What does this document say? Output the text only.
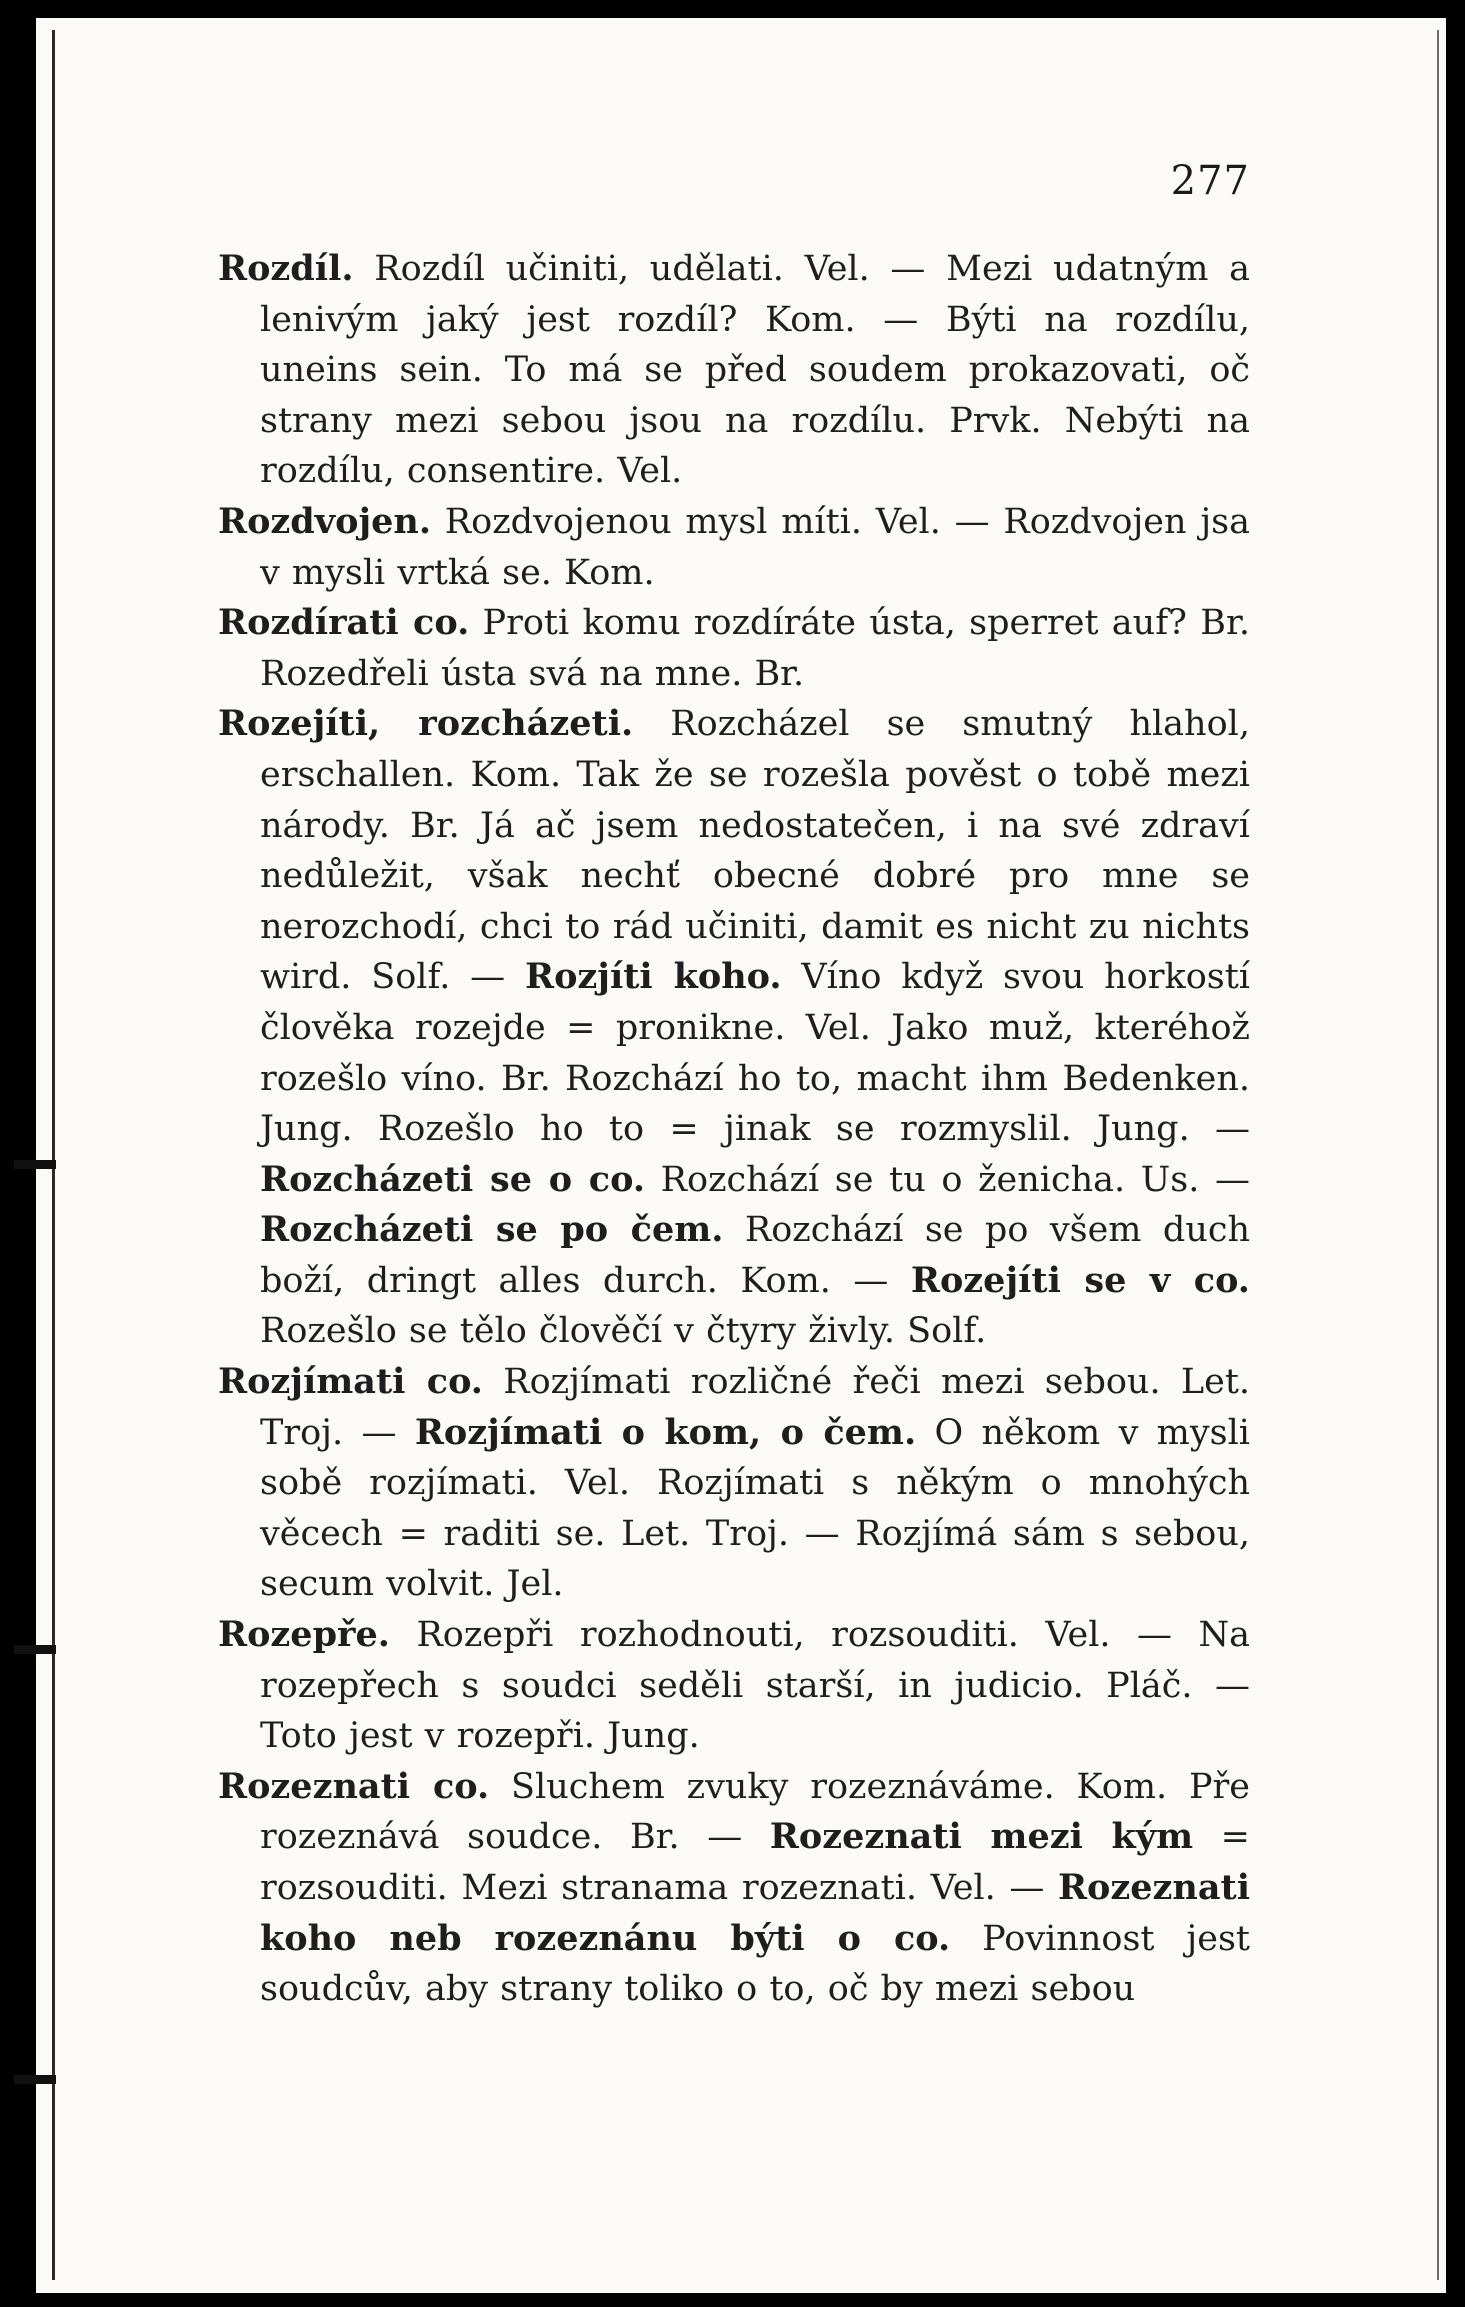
277

Rozdíl. Rozdíl učiniti, udělati. Vel. — Mezi udatným a lenivým jaký jest rozdíl? Kom. — Býti na rozdílu, uneins sein. To má se před soudem prokazovati, oč strany mezi sebou jsou na rozdílu. Prvk. Nebýti na rozdílu, consentire. Vel.

Rozdvojen. Rozdvojenou mysl míti. Vel. — Rozdvojen jsa v mysli vrtká se. Kom.

Rozdírati co. Proti komu rozdíráte ústa, sperret auf? Br. Rozedřeli ústa svá na mne. Br.

Rozejíti, rozcházeti. Rozcházel se smutný hlahol, erschallen. Kom. Tak že se rozešla pověst o tobě mezi národy. Br. Já ač jsem nedostatečen, i na své zdraví nedůležit, však nechť obecné dobré pro mne se nerozchodí, chci to rád učiniti, damit es nicht zu nichts wird. Solf. — Rozjíti koho. Víno když svou horkostí člověka rozejde = pronikne. Vel. Jako muž, kteréhož rozešlo víno. Br. Rozchází ho to, macht ihm Bedenken. Jung. Rozešlo ho to = jinak se rozmyslil. Jung. — Rozcházeti se o co. Rozchází se tu o ženicha. Us. — Rozcházeti se po čem. Rozchází se po všem duch boží, dringt alles durch. Kom. — Rozejíti se v co. Rozešlo se tělo člověčí v čtyry živly. Solf.

Rozjímati co. Rozjímati rozličné řeči mezi sebou. Let. Troj. — Rozjímati o kom, o čem. O někom v mysli sobě rozjímati. Vel. Rozjímati s někým o mnohých věcech = raditi se. Let. Troj. — Rozjímá sám s sebou, secum volvit. Jel.

Rozepře. Rozepři rozhodnouti, rozsouditi. Vel. — Na rozepřech s soudci seděli starší, in judicio. Pláč. — Toto jest v rozepři. Jung.

Rozeznati co. Sluchem zvuky rozeznáváme. Kom. Pře rozeznává soudce. Br. — Rozeznati mezi kým = rozsouditi. Mezi stranama rozeznati. Vel. — Rozeznati koho neb rozeznánu býti o co. Povinnost jest soudcův, aby strany toliko o to, oč by mezi sebou
